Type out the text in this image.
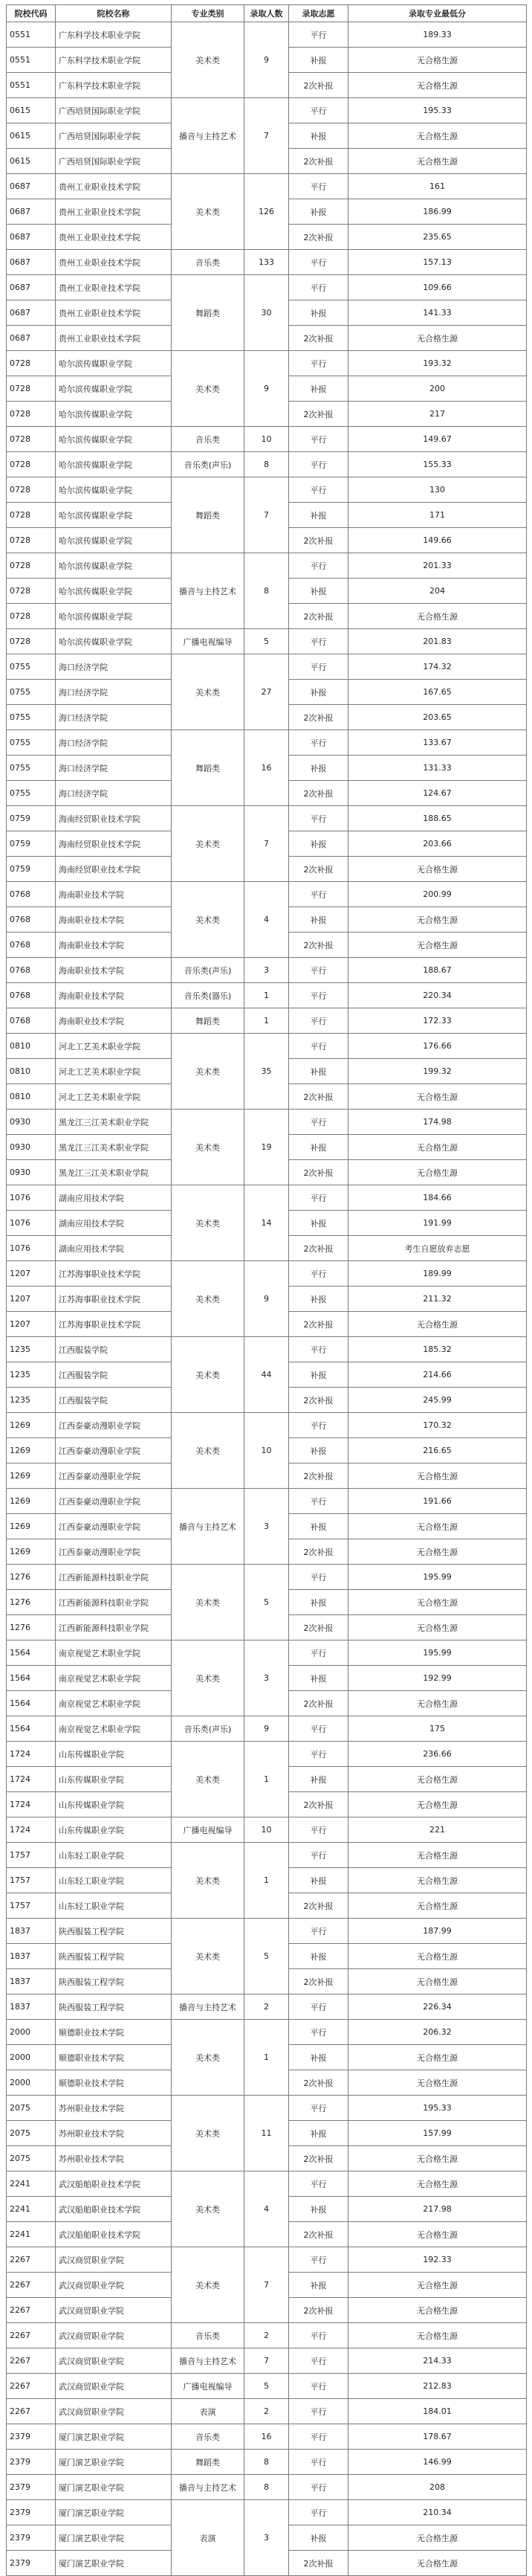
院校代码	院校名称	专业类别	录取人数	录取志愿	录取专业最低分
0551	广东科学技术职业学院	美术类	9	平行	189.33
0551	广东科学技术职业学院			补报	无合格生源
0551	广东科学技术职业学院			2次补报	无合格生源
0615	广西培贤国际职业学院	播音与主持艺术	7	平行	195.33
0615	广西培贤国际职业学院			补报	无合格生源
0615	广西培贤国际职业学院			2次补报	无合格生源
0687	贵州工业职业技术学院	美术类	126	平行	161
0687	贵州工业职业技术学院			补报	186.99
0687	贵州工业职业技术学院			2次补报	235.65
0687	贵州工业职业技术学院	音乐类	133	平行	157.13
0687	贵州工业职业技术学院	舞蹈类	30	平行	109.66
0687	贵州工业职业技术学院			补报	141.33
0687	贵州工业职业技术学院			2次补报	无合格生源
0728	哈尔滨传媒职业学院	美术类	9	平行	193.32
0728	哈尔滨传媒职业学院			补报	200
0728	哈尔滨传媒职业学院			2次补报	217
0728	哈尔滨传媒职业学院	音乐类	10	平行	149.67
0728	哈尔滨传媒职业学院	音乐类(声乐)	8	平行	155.33
0728	哈尔滨传媒职业学院	舞蹈类	7	平行	130
0728	哈尔滨传媒职业学院			补报	171
0728	哈尔滨传媒职业学院			2次补报	149.66
0728	哈尔滨传媒职业学院	播音与主持艺术	8	平行	201.33
0728	哈尔滨传媒职业学院			补报	204
0728	哈尔滨传媒职业学院			2次补报	无合格生源
0728	哈尔滨传媒职业学院	广播电视编导	5	平行	201.83
0755	海口经济学院	美术类	27	平行	174.32
0755	海口经济学院			补报	167.65
0755	海口经济学院			2次补报	203.65
0755	海口经济学院	舞蹈类	16	平行	133.67
0755	海口经济学院			补报	131.33
0755	海口经济学院			2次补报	124.67
0759	海南经贸职业技术学院	美术类	7	平行	188.65
0759	海南经贸职业技术学院			补报	203.66
0759	海南经贸职业技术学院			2次补报	无合格生源
0768	海南职业技术学院	美术类	4	平行	200.99
0768	海南职业技术学院			补报	无合格生源
0768	海南职业技术学院			2次补报	无合格生源
0768	海南职业技术学院	音乐类(声乐)	3	平行	188.67
0768	海南职业技术学院	音乐类(器乐)	1	平行	220.34
0768	海南职业技术学院	舞蹈类	1	平行	172.33
0810	河北工艺美术职业学院	美术类	35	平行	176.66
0810	河北工艺美术职业学院			补报	199.32
0810	河北工艺美术职业学院			2次补报	无合格生源
0930	黑龙江三江美术职业学院	美术类	19	平行	174.98
0930	黑龙江三江美术职业学院			补报	无合格生源
0930	黑龙江三江美术职业学院			2次补报	无合格生源
1076	湖南应用技术学院	美术类	14	平行	184.66
1076	湖南应用技术学院			补报	191.99
1076	湖南应用技术学院			2次补报	考生自愿放弃志愿
1207	江苏海事职业技术学院	美术类	9	平行	189.99
1207	江苏海事职业技术学院			补报	211.32
1207	江苏海事职业技术学院			2次补报	无合格生源
1235	江西服装学院	美术类	44	平行	185.32
1235	江西服装学院			补报	214.66
1235	江西服装学院			2次补报	245.99
1269	江西泰豪动漫职业学院	美术类	10	平行	170.32
1269	江西泰豪动漫职业学院			补报	216.65
1269	江西泰豪动漫职业学院			2次补报	无合格生源
1269	江西泰豪动漫职业学院	播音与主持艺术	3	平行	191.66
1269	江西泰豪动漫职业学院			补报	无合格生源
1269	江西泰豪动漫职业学院			2次补报	无合格生源
1276	江西新能源科技职业学院	美术类	5	平行	195.99
1276	江西新能源科技职业学院			补报	无合格生源
1276	江西新能源科技职业学院			2次补报	无合格生源
1564	南京视觉艺术职业学院	美术类	3	平行	195.99
1564	南京视觉艺术职业学院			补报	192.99
1564	南京视觉艺术职业学院			2次补报	无合格生源
1564	南京视觉艺术职业学院	音乐类(声乐)	9	平行	175
1724	山东传媒职业学院	美术类	1	平行	236.66
1724	山东传媒职业学院			补报	无合格生源
1724	山东传媒职业学院			2次补报	无合格生源
1724	山东传媒职业学院	广播电视编导	10	平行	221
1757	山东轻工职业学院	美术类	1	平行	无合格生源
1757	山东轻工职业学院			补报	无合格生源
1757	山东轻工职业学院			2次补报	无合格生源
1837	陕西服装工程学院	美术类	5	平行	187.99
1837	陕西服装工程学院			补报	无合格生源
1837	陕西服装工程学院			2次补报	无合格生源
1837	陕西服装工程学院	播音与主持艺术	2	平行	226.34
2000	顺德职业技术学院	美术类	1	平行	206.32
2000	顺德职业技术学院			补报	无合格生源
2000	顺德职业技术学院			2次补报	无合格生源
2075	苏州职业技术学院	美术类	11	平行	195.33
2075	苏州职业技术学院			补报	157.99
2075	苏州职业技术学院			2次补报	无合格生源
2241	武汉船舶职业技术学院	美术类	4	平行	无合格生源
2241	武汉船舶职业技术学院			补报	217.98
2241	武汉船舶职业技术学院			2次补报	无合格生源
2267	武汉商贸职业学院	美术类	7	平行	192.33
2267	武汉商贸职业学院			补报	无合格生源
2267	武汉商贸职业学院			2次补报	无合格生源
2267	武汉商贸职业学院	音乐类	2	平行	无合格生源
2267	武汉商贸职业学院	播音与主持艺术	7	平行	214.33
2267	武汉商贸职业学院	广播电视编导	5	平行	212.83
2267	武汉商贸职业学院	表演	2	平行	184.01
2379	厦门演艺职业学院	音乐类	16	平行	178.67
2379	厦门演艺职业学院	舞蹈类	8	平行	146.99
2379	厦门演艺职业学院	播音与主持艺术	8	平行	208
2379	厦门演艺职业学院	表演	3	平行	210.34
2379	厦门演艺职业学院			补报	无合格生源
2379	厦门演艺职业学院			2次补报	无合格生源
